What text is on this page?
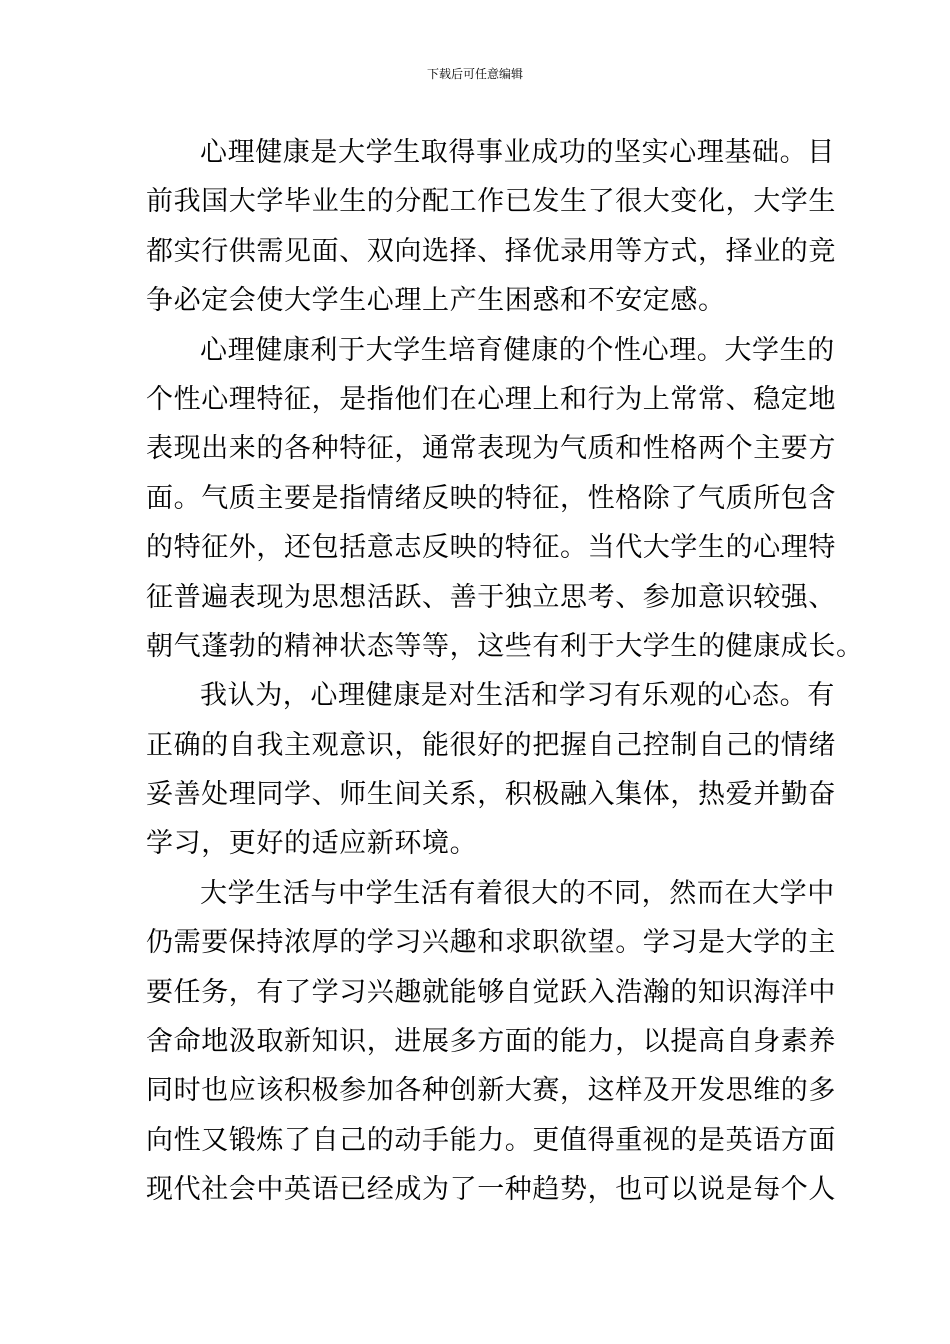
下载后可任意编辑
心理健康是大学生取得事业成功的坚实心理基础。目
前我国大学毕业生的分配工作已发生了很大变化，大学生
都实行供需见面、双向选择、择优录用等方式，择业的竞
争必定会使大学生心理上产生困惑和不安定感。
心理健康利于大学生培育健康的个性心理。大学生的
个性心理特征，是指他们在心理上和行为上常常、稳定地
表现出来的各种特征，通常表现为气质和性格两个主要方
面。气质主要是指情绪反映的特征，性格除了气质所包含
的特征外，还包括意志反映的特征。当代大学生的心理特
征普遍表现为思想活跃、善于独立思考、参加意识较强、
朝气蓬勃的精神状态等等，这些有利于大学生的健康成长。
我认为，心理健康是对生活和学习有乐观的心态。有
正确的自我主观意识，能很好的把握自己控制自己的情绪
妥善处理同学、师生间关系，积极融入集体，热爱并勤奋
学习，更好的适应新环境。
大学生活与中学生活有着很大的不同，然而在大学中
仍需要保持浓厚的学习兴趣和求职欲望。学习是大学的主
要任务，有了学习兴趣就能够自觉跃入浩瀚的知识海洋中
舍命地汲取新知识，进展多方面的能力，以提高自身素养
同时也应该积极参加各种创新大赛，这样及开发思维的多
向性又锻炼了自己的动手能力。更值得重视的是英语方面
现代社会中英语已经成为了一种趋势，也可以说是每个人
